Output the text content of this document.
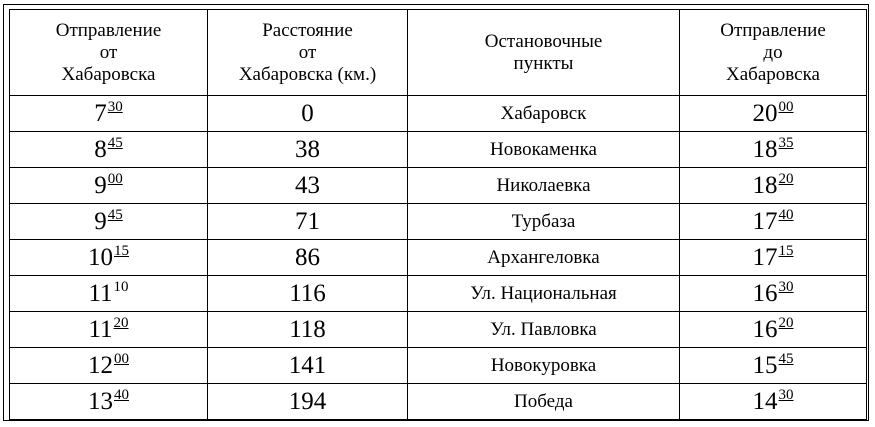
Отправление
от
Хабаровска	Расстояние
от
Хабаровска (км.)	Остановочные
пункты	Отправление
до
Хабаровска

$7^{30}$	0	Хабаровск	$20^{00}$
$8^{45}$	38	Новокаменка	$18^{35}$
$9^{00}$	43	Николаевка	$18^{20}$
$9^{45}$	71	Турбаза	$17^{40}$
$10^{15}$	86	Архангеловка	$17^{15}$
$11^{10}$	116	Ул. Национальная	$16^{30}$
$11^{20}$	118	Ул. Павловка	$16^{20}$
$12^{00}$	141	Новокуровка	$15^{45}$
$13^{40}$	194	Победа	$14^{30}$
